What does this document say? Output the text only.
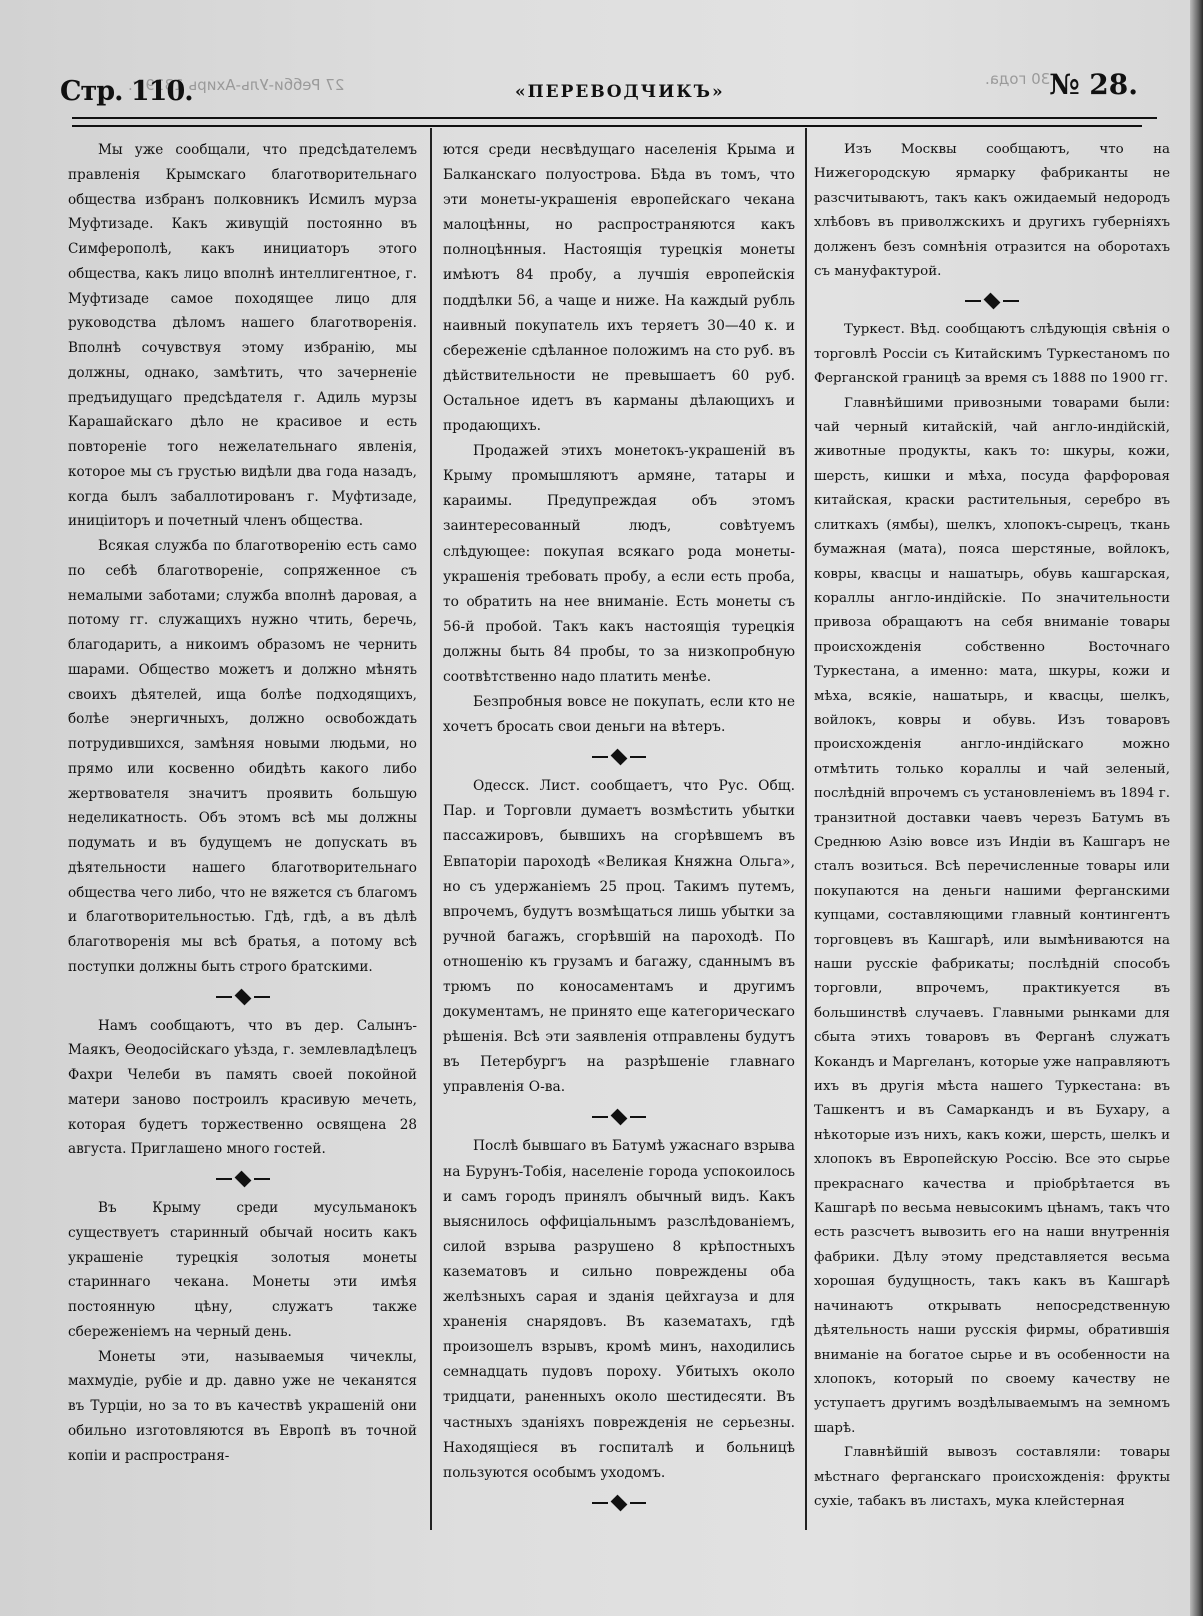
27 Ребби-Уль-Ахирь 1319 г.	30 года.
Стр. 110.	«ПЕРЕВОДЧИКЪ»	№ 28.

Мы уже сообщали, что предсѣдателемъ правленія Крымскаго благотворительнаго общества избранъ полковникъ Исмилъ мурза Муфтизаде. Какъ живущій постоянно въ Симферополѣ, какъ инициаторъ этого общества, какъ лицо вполнѣ интеллигентное, г. Муфтизаде самое походящее лицо для руководства дѣломъ нашего благотворенія. Вполнѣ сочувствуя этому избранію, мы должны, однако, замѣтить, что зачерненіе предъидущаго предсѣдателя г. Адиль мурзы Карашайскаго дѣло не красивое и есть повтореніе того нежелательнаго явленія, которое мы съ грустью видѣли два года назадъ, когда былъ забаллотированъ г. Муфтизаде, иницiиторъ и почетный членъ общества.

Всякая служба по благотворенію есть само по себѣ благотвореніе, сопряженное съ немалыми заботами; служба вполнѣ даровая, а потому гг. служащихъ нужно чтить, беречь, благодарить, а никоимъ образомъ не чернить шарами. Общество можетъ и должно мѣнять своихъ дѣятелей, ища болѣе подходящихъ, болѣе энергичныхъ, должно освобождать потрудившихся, замѣняя новыми людьми, но прямо или косвенно обидѣть какого либо жертвователя значитъ проявить большую неделикатность. Объ этомъ всѣ мы должны подумать и въ будущемъ не допускать въ дѣятельности нашего благотворительнаго общества чего либо, что не вяжется съ благомъ и благотворительностью. Гдѣ, гдѣ, а въ дѣлѣ благотворенія мы всѣ братья, а потому всѣ поступки должны быть строго братскими.

Намъ сообщаютъ, что въ дер. Салынъ-Маякъ, Ѳеодосійскаго уѣзда, г. землевладѣлецъ Фахри Челеби въ память своей покойной матери заново построилъ красивую мечеть, которая будетъ торжественно освящена 28 августа. Приглашено много гостей.

Въ Крыму среди мусульманокъ существуетъ старинный обычай носить какъ украшеніе турецкія золотыя монеты стариннаго чекана. Монеты эти имѣя постоянную цѣну, служатъ также сбереженіемъ на черный день.

Монеты эти, называемыя чичеклы, махмудіе, рубіе и др. давно уже не чеканятся въ Турціи, но за то въ качествѣ украшеній они обильно изготовляются въ Европѣ въ точной копіи и распространя-

ются среди несвѣдущаго населенія Крыма и Балканскаго полуострова. Бѣда въ томъ, что эти монеты-украшенія европейскаго чекана малоцѣнны, но распространяются какъ полноцѣнныя. Настоящія турецкія монеты имѣютъ 84 пробу, а лучшія европейскія поддѣлки 56, а чаще и ниже. На каждый рубль наивный покупатель ихъ теряетъ 30—40 к. и сбереженіе сдѣланное положимъ на сто руб. въ дѣйствительности не превышаетъ 60 руб. Остальное идетъ въ карманы дѣлающихъ и продающихъ.

Продажей этихъ монетокъ-украшеній въ Крыму промышляютъ армяне, татары и караимы. Предупреждая объ этомъ заинтересованный людъ, совѣтуемъ слѣдующее: покупая всякаго рода монеты-украшенія требовать пробу, а если есть проба, то обратить на нее вниманіе. Есть монеты съ 56-й пробой. Такъ какъ настоящія турецкія должны быть 84 пробы, то за низкопробную соотвѣтственно надо платить менѣе.

Безпробныя вовсе не покупать, если кто не хочетъ бросать свои деньги на вѣтеръ.

Одесск. Лист. сообщаетъ, что Рус. Общ. Пар. и Торговли думаетъ возмѣстить убытки пассажировъ, бывшихъ на сгорѣвшемъ въ Евпаторіи пароходѣ «Великая Княжна Ольга», но съ удержаніемъ 25 проц. Такимъ путемъ, впрочемъ, будутъ возмѣщаться лишь убытки за ручной багажъ, сгорѣвшій на пароходѣ. По отношенію къ грузамъ и багажу, сданнымъ въ трюмъ по коносаментамъ и другимъ документамъ, не принято еще категорическаго рѣшенія. Всѣ эти заявленія отправлены будутъ въ Петербургъ на разрѣшеніе главнаго управленія О-ва.

Послѣ бывшаго въ Батумѣ ужаснаго взрыва на Бурунъ-Тобія, населеніе города успокоилось и самъ городъ принялъ обычный видъ. Какъ выяснилось оффиціальнымъ разслѣдованіемъ, силой взрыва разрушено 8 крѣпостныхъ казематовъ и сильно повреждены оба желѣзныхъ сарая и зданія цейхгауза и для храненія снарядовъ. Въ казематахъ, гдѣ произошелъ взрывъ, кромѣ минъ, находились семнадцать пудовъ пороху. Убитыхъ около тридцати, раненныхъ около шестидесяти. Въ частныхъ зданіяхъ поврежденія не серьезны. Находящіеся въ госпиталѣ и больницѣ пользуются особымъ уходомъ.

Изъ Москвы сообщаютъ, что на Нижегородскую ярмарку фабриканты не разсчитываютъ, такъ какъ ожидаемый недородъ хлѣбовъ въ приволжскихъ и другихъ губерніяхъ долженъ безъ сомнѣнія отразится на оборотахъ съ мануфактурой.

Туркест. Вѣд. сообщаютъ слѣдующія свѣнія о торговлѣ Россіи съ Китайскимъ Туркестаномъ по Ферганской границѣ за время съ 1888 по 1900 гг.

Главнѣйшими привозными товарами были: чай черный китайскій, чай англо-индійскій, животные продукты, какъ то: шкуры, кожи, шерсть, кишки и мѣха, посуда фарфоровая китайская, краски растительныя, серебро въ слиткахъ (ямбы), шелкъ, хлопокъ-сырецъ, ткань бумажная (мата), пояса шерстяные, войлокъ, ковры, квасцы и нашатырь, обувь кашгарская, кораллы англо-индійскіе. По значительности привоза обращаютъ на себя вниманіе товары происхожденія собственно Восточнаго Туркестана, а именно: мата, шкуры, кожи и мѣха, всякіе, нашатырь, и квасцы, шелкъ, войлокъ, ковры и обувь. Изъ товаровъ происхожденія англо-индійскаго можно отмѣтить только кораллы и чай зеленый, послѣдній впрочемъ съ установленіемъ въ 1894 г. транзитной доставки чаевъ черезъ Батумъ въ Среднюю Азію вовсе изъ Индіи въ Кашгаръ не сталъ возиться. Всѣ перечисленные товары или покупаются на деньги нашими ферганскими купцами, составляющими главный контингентъ торговцевъ въ Кашгарѣ, или вымѣниваются на наши русскіе фабрикаты; послѣдній способъ торговли, впрочемъ, практикуется въ большинствѣ случаевъ. Главными рынками для сбыта этихъ товаровъ въ Ферганѣ служатъ Кокандъ и Маргеланъ, которые уже направляютъ ихъ въ другія мѣста нашего Туркестана: въ Ташкентъ и въ Самаркандъ и въ Бухару, а нѣкоторые изъ нихъ, какъ кожи, шерсть, шелкъ и хлопокъ въ Европейскую Россію. Все это сырье прекраснаго качества и пріобрѣтается въ Кашгарѣ по весьма невысокимъ цѣнамъ, такъ что есть разсчетъ вывозить его на наши внутреннія фабрики. Дѣлу этому представляется весьма хорошая будущность, такъ какъ въ Кашгарѣ начинаютъ открывать непосредственную дѣятельность наши русскія фирмы, обратившія вниманіе на богатое сырье и въ особенности на хлопокъ, который по своему качеству не уступаетъ другимъ воздѣлываемымъ на земномъ шарѣ.

Главнѣйшій вывозъ составляли: товары мѣстнаго ферганскаго происхожденія: фрукты сухіе, табакъ въ листахъ, мука клейстерная
